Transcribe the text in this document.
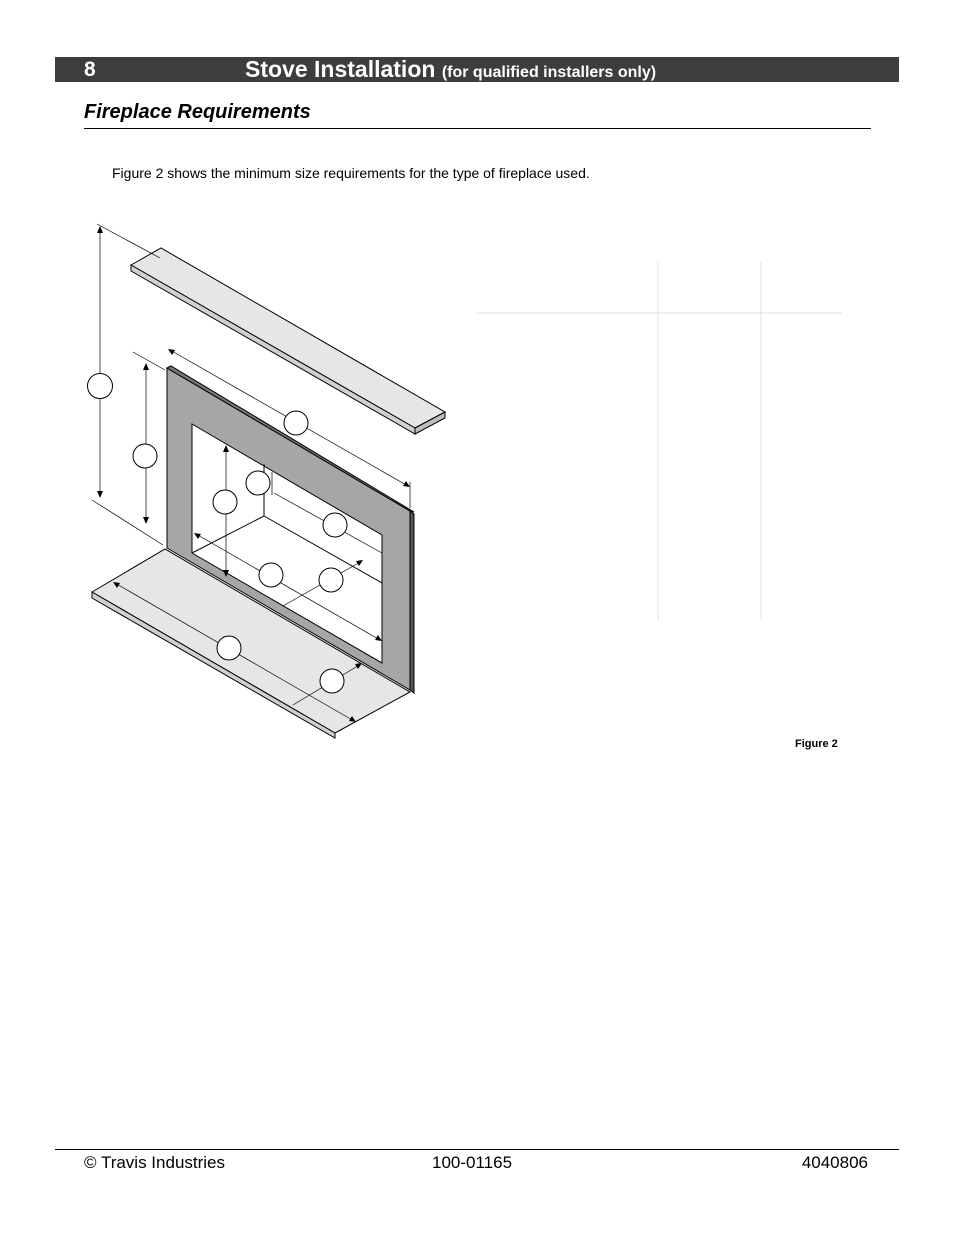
8	Stove Installation (for qualified installers only)
Fireplace Requirements
Figure 2 shows the minimum size requirements for the type of fireplace used.
Figure 2
© Travis Industries	100-01165	4040806
